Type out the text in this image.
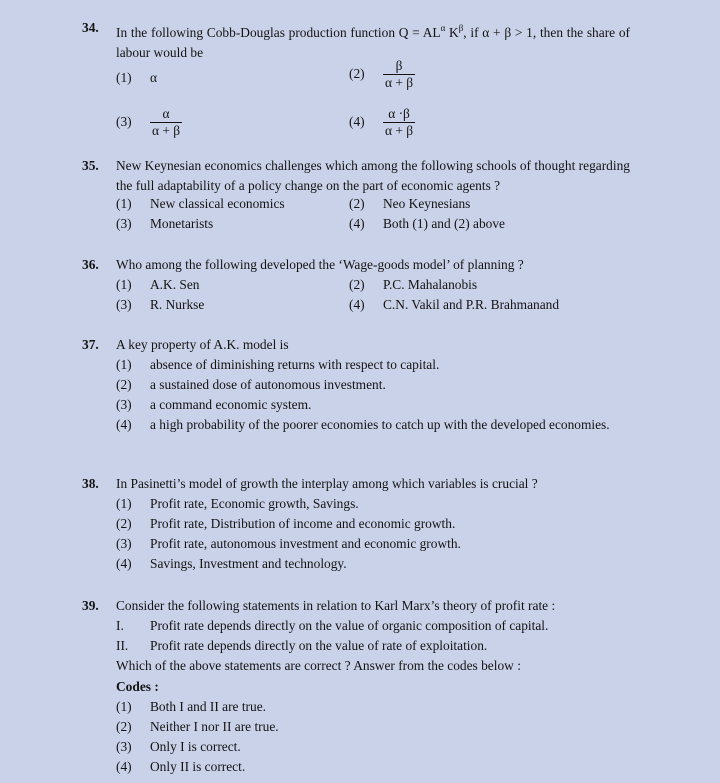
34. In the following Cobb-Douglas production function $Q = AL^\alpha$ $K^\beta$, if α + β > 1, then the share of labour would be
(1) α	$(2) \frac{\beta}{\alpha + \beta}$
$(3) \frac{\alpha}{\alpha + \beta}$	$(4) \frac{\alpha \cdot\beta}{\alpha + \beta}$
35. New Keynesian economics challenges which among the following schools of thought regarding the full adaptability of a policy change on the part of economic agents ?
(1) New classical economics	(2) Neo Keynesians
(3) Monetarists	(4) Both (1) and (2) above
36. Who among the following developed the ‘Wage-goods model’ of planning ?
(1) A.K. Sen	(2) P.C. Mahalanobis
(3) R. Nurkse	(4) C.N. Vakil and P.R. Brahmanand
37. A key property of A.K. model is
(1) absence of diminishing returns with respect to capital.
(2) a sustained dose of autonomous investment.
(3) a command economic system.
(4)	a high probability of the poorer economies to catch up with the developed economies.
38. In Pasinetti’s model of growth the interplay among which variables is crucial ?
(1) Profit rate, Economic growth, Savings.
(2) Profit rate, Distribution of income and economic growth.
(3) Profit rate, autonomous investment and economic growth.
(4) Savings, Investment and technology.
39. Consider the following statements in relation to Karl Marx’s theory of profit rate :
I. Profit rate depends directly on the value of organic composition of capital.
II. Profit rate depends directly on the value of rate of exploitation.
Which of the above statements are correct ? Answer from the codes below :
Codes :
(1) Both I and II are true.
(2) Neither I nor II are true.
(3) Only I is correct.
(4) Only II is correct.
